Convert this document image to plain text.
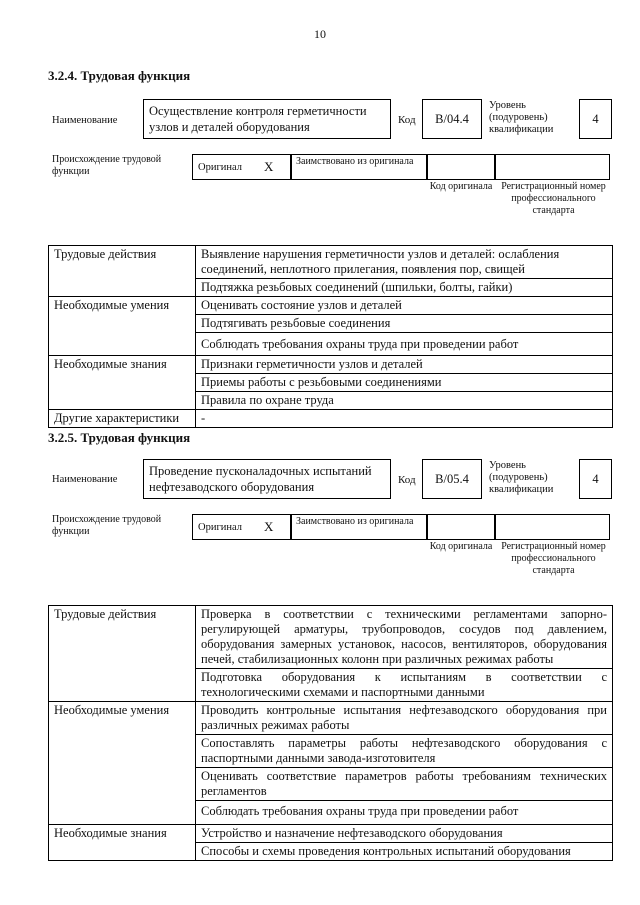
10
3.2.4. Трудовая функция
Наименование
Осуществление контроля герметичности узлов и деталей оборудования	Код	B/04.4
Уровень (подуровень) квалификации
4
Происхождение трудовой функции	Оригинал X	Заимствовано из оригинала
Код оригинала Регистрационный номер профессионального стандарта
Трудовые действия	Выявление нарушения герметичности узлов и деталей: ослабления соединений, неплотного прилегания, появления пор, свищей
	Подтяжка резьбовых соединений (шпильки, болты, гайки)
Необходимые умения	Оценивать состояние узлов и деталей
	Подтягивать резьбовые соединения
	Соблюдать требования охраны труда при проведении работ
Необходимые знания	Признаки герметичности узлов и деталей
	Приемы работы с резьбовыми соединениями
	Правила по охране труда
Другие характеристики	-
3.2.5. Трудовая функция
Наименование
Проведение пусконаладочных испытаний нефтезаводского оборудования	Код	B/05.4
Уровень (подуровень) квалификации
4
Происхождение трудовой функции	Оригинал X	Заимствовано из оригинала
Код оригинала Регистрационный номер профессионального стандарта
Трудовые действия	Проверка в соответствии с техническими регламентами запорно-регулирующей арматуры, трубопроводов, сосудов под давлением, оборудования замерных установок, насосов, вентиляторов, оборудования печей, стабилизационных колонн при различных режимах работы
	Подготовка оборудования к испытаниям в соответствии с технологическими схемами и паспортными данными
Необходимые умения	Проводить контрольные испытания нефтезаводского оборудования при различных режимах работы
	Сопоставлять параметры работы нефтезаводского оборудования с паспортными данными завода-изготовителя
	Оценивать соответствие параметров работы требованиям технических регламентов
	Соблюдать требования охраны труда при проведении работ
Необходимые знания	Устройство и назначение нефтезаводского оборудования
	Способы и схемы проведения контрольных испытаний оборудования
